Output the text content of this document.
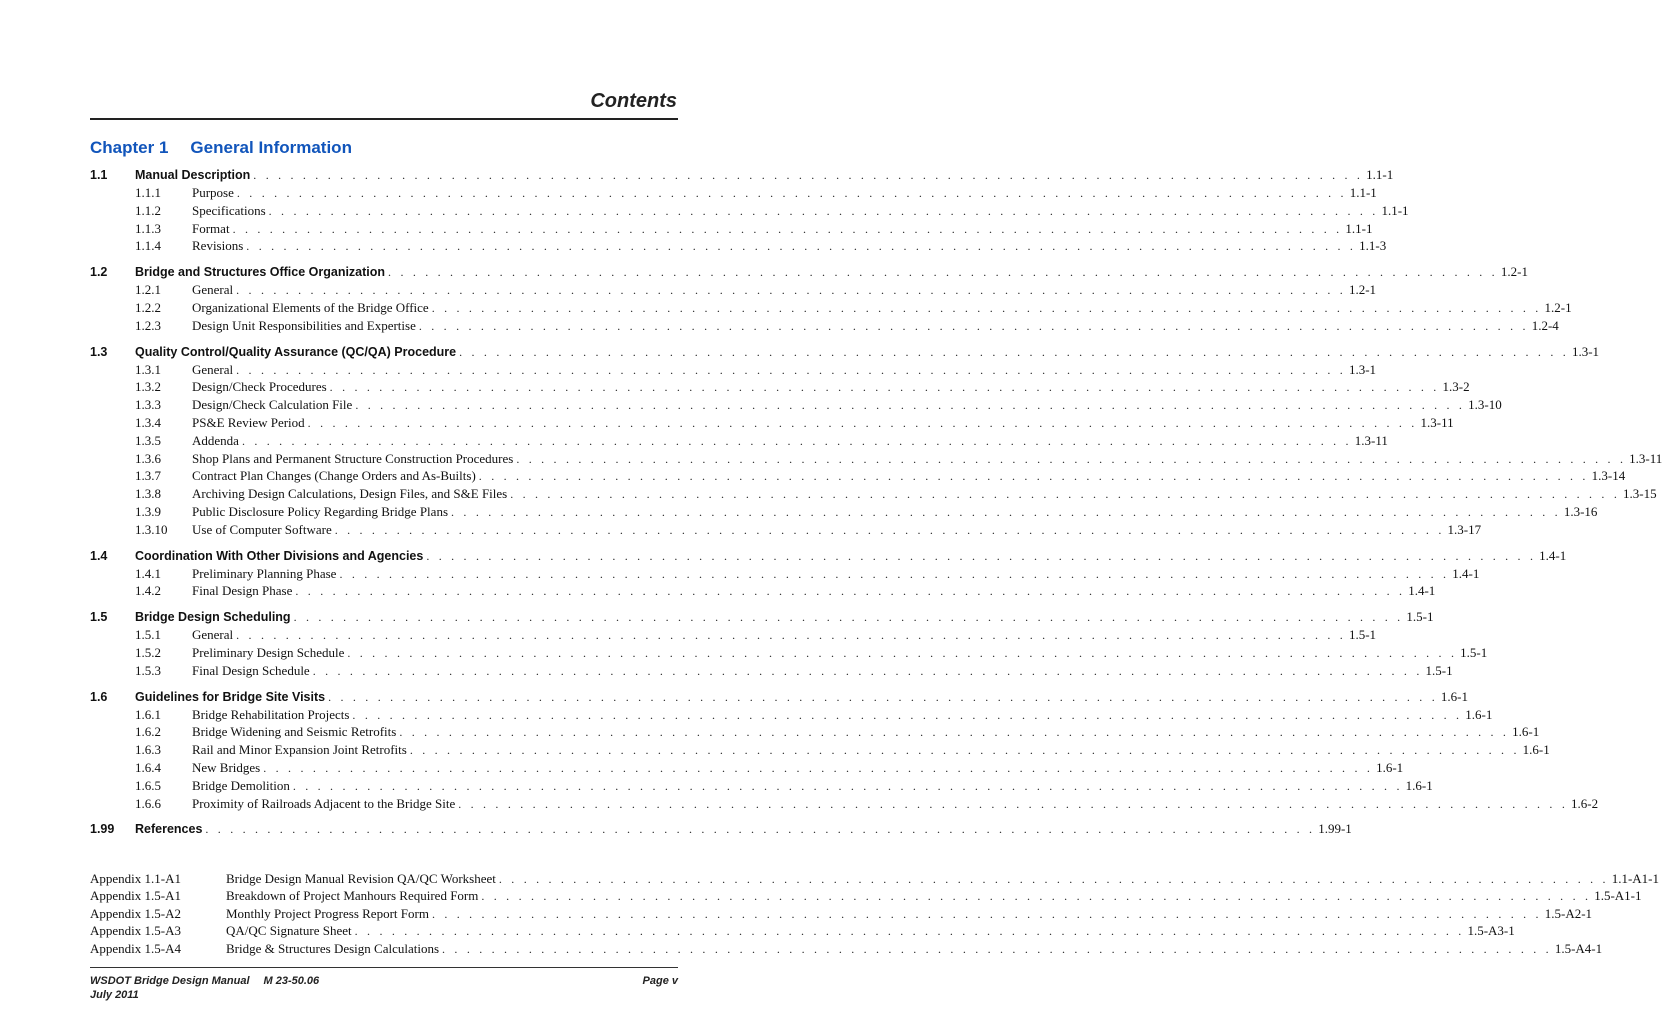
Contents
Chapter 1 General Information
1.1 Manual Description . . . . . . . . . . . . . . . . . . . . . . . . . . . . . . . . . . . . . . . . . . . . . . . . . . . . . . . . . . . . . . . . . . . . . . . . . . . . . . . . . . . . . . . . . . 1.1-1
1.1.1 Purpose . . . . . . . . . . . . . . . . . . . . . . . . . . . . . . . . . . . . . . . . . . . . . . . . . . . . . . . . . . . . . . . . . . . . . . . . . . . . . . . . . . . . . . . . . . 1.1-1
1.1.2 Specifications . . . . . . . . . . . . . . . . . . . . . . . . . . . . . . . . . . . . . . . . . . . . . . . . . . . . . . . . . . . . . . . . . . . . . . . . . . . . . . . . . . . . . . . . . . 1.1-1
1.1.3 Format . . . . . . . . . . . . . . . . . . . . . . . . . . . . . . . . . . . . . . . . . . . . . . . . . . . . . . . . . . . . . . . . . . . . . . . . . . . . . . . . . . . . . . . . . . 1.1-1
1.1.4 Revisions . . . . . . . . . . . . . . . . . . . . . . . . . . . . . . . . . . . . . . . . . . . . . . . . . . . . . . . . . . . . . . . . . . . . . . . . . . . . . . . . . . . . . . . . . . 1.1-3
1.2 Bridge and Structures Office Organization . . . . . . . . . . . . . . . . . . . . . . . . . . . . . . . . . . . . . . . . . . . . . . . . . . . . . . . . . . . . . . . . . . . . . . . . . . . . . . . . . . . . . . . . . . 1.2-1
1.2.1 General . . . . . . . . . . . . . . . . . . . . . . . . . . . . . . . . . . . . . . . . . . . . . . . . . . . . . . . . . . . . . . . . . . . . . . . . . . . . . . . . . . . . . . . . . . 1.2-1
1.2.2 Organizational Elements of the Bridge Office . . . . . . . . . . . . . . . . . . . . . . . . . . . . . . . . . . . . . . . . . . . . . . . . . . . . . . . . . . . . . . . . . . . . . . . . . . . . . . . . . . . . . . . . . . 1.2-1
1.2.3 Design Unit Responsibilities and Expertise . . . . . . . . . . . . . . . . . . . . . . . . . . . . . . . . . . . . . . . . . . . . . . . . . . . . . . . . . . . . . . . . . . . . . . . . . . . . . . . . . . . . . . . . . . 1.2-4
1.3 Quality Control/Quality Assurance (QC/QA) Procedure . . . . . . . . . . . . . . . . . . . . . . . . . . . . . . . . . . . . . . . . . . . . . . . . . . . . . . . . . . . . . . . . . . . . . . . . . . . . . . . . . . . . . . . . . . 1.3-1
1.3.1 General . . . . . . . . . . . . . . . . . . . . . . . . . . . . . . . . . . . . . . . . . . . . . . . . . . . . . . . . . . . . . . . . . . . . . . . . . . . . . . . . . . . . . . . . . . 1.3-1
1.3.2 Design/Check Procedures . . . . . . . . . . . . . . . . . . . . . . . . . . . . . . . . . . . . . . . . . . . . . . . . . . . . . . . . . . . . . . . . . . . . . . . . . . . . . . . . . . . . . . . . . . 1.3-2
1.3.3 Design/Check Calculation File . . . . . . . . . . . . . . . . . . . . . . . . . . . . . . . . . . . . . . . . . . . . . . . . . . . . . . . . . . . . . . . . . . . . . . . . . . . . . . . . . . . . . . . . . . 1.3-10
1.3.4 PS&E Review Period . . . . . . . . . . . . . . . . . . . . . . . . . . . . . . . . . . . . . . . . . . . . . . . . . . . . . . . . . . . . . . . . . . . . . . . . . . . . . . . . . . . . . . . . . . 1.3-11
1.3.5 Addenda . . . . . . . . . . . . . . . . . . . . . . . . . . . . . . . . . . . . . . . . . . . . . . . . . . . . . . . . . . . . . . . . . . . . . . . . . . . . . . . . . . . . . . . . . . 1.3-11
1.3.6 Shop Plans and Permanent Structure Construction Procedures . . . . . . . . . . . . . . . . . . . . . . . . . . . . . . . . . . . . . . . . . . . . . . . . . . . . . . . . . . . . . . . . . . . . . . . . . . . . . . . . . . . . . . . . . . 1.3-11
1.3.7 Contract Plan Changes (Change Orders and As-Builts) . . . . . . . . . . . . . . . . . . . . . . . . . . . . . . . . . . . . . . . . . . . . . . . . . . . . . . . . . . . . . . . . . . . . . . . . . . . . . . . . . . . . . . . . . . 1.3-14
1.3.8 Archiving Design Calculations, Design Files, and S&E Files . . . . . . . . . . . . . . . . . . . . . . . . . . . . . . . . . . . . . . . . . . . . . . . . . . . . . . . . . . . . . . . . . . . . . . . . . . . . . . . . . . . . . . . . . . 1.3-15
1.3.9 Public Disclosure Policy Regarding Bridge Plans . . . . . . . . . . . . . . . . . . . . . . . . . . . . . . . . . . . . . . . . . . . . . . . . . . . . . . . . . . . . . . . . . . . . . . . . . . . . . . . . . . . . . . . . . . 1.3-16
1.3.10 Use of Computer Software . . . . . . . . . . . . . . . . . . . . . . . . . . . . . . . . . . . . . . . . . . . . . . . . . . . . . . . . . . . . . . . . . . . . . . . . . . . . . . . . . . . . . . . . . . 1.3-17
1.4 Coordination With Other Divisions and Agencies . . . . . . . . . . . . . . . . . . . . . . . . . . . . . . . . . . . . . . . . . . . . . . . . . . . . . . . . . . . . . . . . . . . . . . . . . . . . . . . . . . . . . . . . . . 1.4-1
1.4.1 Preliminary Planning Phase . . . . . . . . . . . . . . . . . . . . . . . . . . . . . . . . . . . . . . . . . . . . . . . . . . . . . . . . . . . . . . . . . . . . . . . . . . . . . . . . . . . . . . . . . . 1.4-1
1.4.2 Final Design Phase . . . . . . . . . . . . . . . . . . . . . . . . . . . . . . . . . . . . . . . . . . . . . . . . . . . . . . . . . . . . . . . . . . . . . . . . . . . . . . . . . . . . . . . . . . 1.4-1
1.5 Bridge Design Scheduling . . . . . . . . . . . . . . . . . . . . . . . . . . . . . . . . . . . . . . . . . . . . . . . . . . . . . . . . . . . . . . . . . . . . . . . . . . . . . . . . . . . . . . . . . . 1.5-1
1.5.1 General . . . . . . . . . . . . . . . . . . . . . . . . . . . . . . . . . . . . . . . . . . . . . . . . . . . . . . . . . . . . . . . . . . . . . . . . . . . . . . . . . . . . . . . . . . 1.5-1
1.5.2 Preliminary Design Schedule . . . . . . . . . . . . . . . . . . . . . . . . . . . . . . . . . . . . . . . . . . . . . . . . . . . . . . . . . . . . . . . . . . . . . . . . . . . . . . . . . . . . . . . . . . 1.5-1
1.5.3 Final Design Schedule . . . . . . . . . . . . . . . . . . . . . . . . . . . . . . . . . . . . . . . . . . . . . . . . . . . . . . . . . . . . . . . . . . . . . . . . . . . . . . . . . . . . . . . . . . 1.5-1
1.6 Guidelines for Bridge Site Visits . . . . . . . . . . . . . . . . . . . . . . . . . . . . . . . . . . . . . . . . . . . . . . . . . . . . . . . . . . . . . . . . . . . . . . . . . . . . . . . . . . . . . . . . . . 1.6-1
1.6.1 Bridge Rehabilitation Projects . . . . . . . . . . . . . . . . . . . . . . . . . . . . . . . . . . . . . . . . . . . . . . . . . . . . . . . . . . . . . . . . . . . . . . . . . . . . . . . . . . . . . . . . . . 1.6-1
1.6.2 Bridge Widening and Seismic Retrofits . . . . . . . . . . . . . . . . . . . . . . . . . . . . . . . . . . . . . . . . . . . . . . . . . . . . . . . . . . . . . . . . . . . . . . . . . . . . . . . . . . . . . . . . . . 1.6-1
1.6.3 Rail and Minor Expansion Joint Retrofits . . . . . . . . . . . . . . . . . . . . . . . . . . . . . . . . . . . . . . . . . . . . . . . . . . . . . . . . . . . . . . . . . . . . . . . . . . . . . . . . . . . . . . . . . . 1.6-1
1.6.4 New Bridges . . . . . . . . . . . . . . . . . . . . . . . . . . . . . . . . . . . . . . . . . . . . . . . . . . . . . . . . . . . . . . . . . . . . . . . . . . . . . . . . . . . . . . . . . . 1.6-1
1.6.5 Bridge Demolition . . . . . . . . . . . . . . . . . . . . . . . . . . . . . . . . . . . . . . . . . . . . . . . . . . . . . . . . . . . . . . . . . . . . . . . . . . . . . . . . . . . . . . . . . . 1.6-1
1.6.6 Proximity of Railroads Adjacent to the Bridge Site . . . . . . . . . . . . . . . . . . . . . . . . . . . . . . . . . . . . . . . . . . . . . . . . . . . . . . . . . . . . . . . . . . . . . . . . . . . . . . . . . . . . . . . . . . 1.6-2
1.99 References . . . . . . . . . . . . . . . . . . . . . . . . . . . . . . . . . . . . . . . . . . . . . . . . . . . . . . . . . . . . . . . . . . . . . . . . . . . . . . . . . . . . . . . . . . 1.99-1
Appendix 1.1-A1	Bridge Design Manual Revision QA/QC Worksheet . . . . . . . . . . . . . . . . . . . . . . . . . . . . . . . . . . . . . . . . . . . . . . . . . . . . . . . . . . . . . . . . . . . . . . . . . . . . . . . . . . . . . . . . . . 1.1-A1-1
Appendix 1.5-A1	Breakdown of Project Manhours Required Form . . . . . . . . . . . . . . . . . . . . . . . . . . . . . . . . . . . . . . . . . . . . . . . . . . . . . . . . . . . . . . . . . . . . . . . . . . . . . . . . . . . . . . . . . . 1.5-A1-1
Appendix 1.5-A2	Monthly Project Progress Report Form . . . . . . . . . . . . . . . . . . . . . . . . . . . . . . . . . . . . . . . . . . . . . . . . . . . . . . . . . . . . . . . . . . . . . . . . . . . . . . . . . . . . . . . . . . 1.5-A2-1
Appendix 1.5-A3	QA/QC Signature Sheet . . . . . . . . . . . . . . . . . . . . . . . . . . . . . . . . . . . . . . . . . . . . . . . . . . . . . . . . . . . . . . . . . . . . . . . . . . . . . . . . . . . . . . . . . . 1.5-A3-1
Appendix 1.5-A4	Bridge & Structures Design Calculations . . . . . . . . . . . . . . . . . . . . . . . . . . . . . . . . . . . . . . . . . . . . . . . . . . . . . . . . . . . . . . . . . . . . . . . . . . . . . . . . . . . . . . . . . . 1.5-A4-1
WSDOT Bridge Design Manual M 23-50.06
July 2011
Page v
